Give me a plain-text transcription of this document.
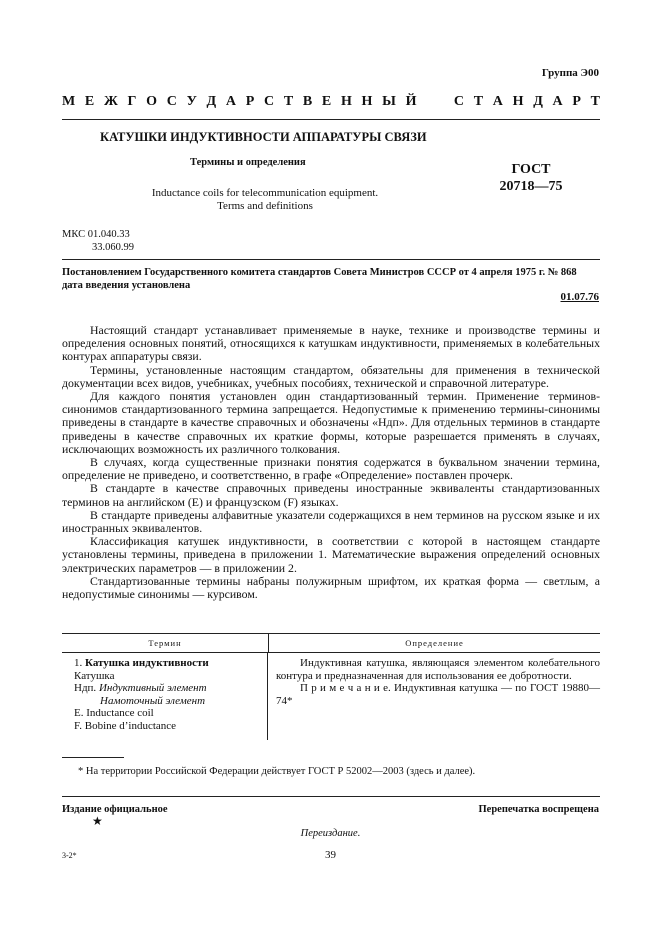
Группа Э00
М Е Ж Г О С У Д А Р С Т В Е Н Н Ы Й	С Т А Н Д А Р Т
КАТУШКИ ИНДУКТИВНОСТИ АППАРАТУРЫ СВЯЗИ
Термины и определения	ГОСТ
20718—75
Inductance coils for telecommunication equipment.
Terms and definitions
МКС 01.040.33
33.060.99
Постановлением Государственного комитета стандартов Совета Министров СССР от 4 апреля 1975 г. № 868 дата введения установлена
01.07.76

Настоящий стандарт устанавливает применяемые в науке, технике и производстве термины и определения основных понятий, относящихся к катушкам индуктивности, применяемых в колебательных контурах аппаратуры связи.

Термины, установленные настоящим стандартом, обязательны для применения в технической документации всех видов, учебниках, учебных пособиях, технической и справочной литературе.

Для каждого понятия установлен один стандартизованный термин. Применение терминов-синонимов стандартизованного термина запрещается. Недопустимые к применению термины-синонимы приведены в стандарте в качестве справочных и обозначены «Ндп». Для отдельных терминов в стандарте приведены в качестве справочных их краткие формы, которые разрешается применять в случаях, исключающих возможность их различного толкования.

В случаях, когда существенные признаки понятия содержатся в буквальном значении термина, определение не приведено, и соответственно, в графе «Определение» поставлен прочерк.

В стандарте в качестве справочных приведены иностранные эквиваленты стандартизованных терминов на английском (Е) и французском (F) языках.

В стандарте приведены алфавитные указатели содержащихся в нем терминов на русском языке и их иностранных эквивалентов.

Классификация катушек индуктивности, в соответствии с которой в настоящем стандарте установлены термины, приведена в приложении 1. Математические выражения определений основных электрических параметров — в приложении 2.

Стандартизованные термины набраны полужирным шрифтом, их краткая форма — светлым, а недопустимые синонимы — курсивом.

Термин	Определение
1. Катушка индуктивности
Катушка
Ндп. Индуктивный элемент
Намоточный элемент
E. Inductance coil
F. Bobine d’inductance

Индуктивная катушка, являющаяся элементом колебательного контура и предназначенная для использования ее добротности.

П р и м е ч а н и е. Индуктивная катушка — по ГОСТ 19880—74*

* На территории Российской Федерации действует ГОСТ Р 52002—2003 (здесь и далее).
Издание официальное
★
Перепечатка воспрещена
Переиздание.
39
3-2*
